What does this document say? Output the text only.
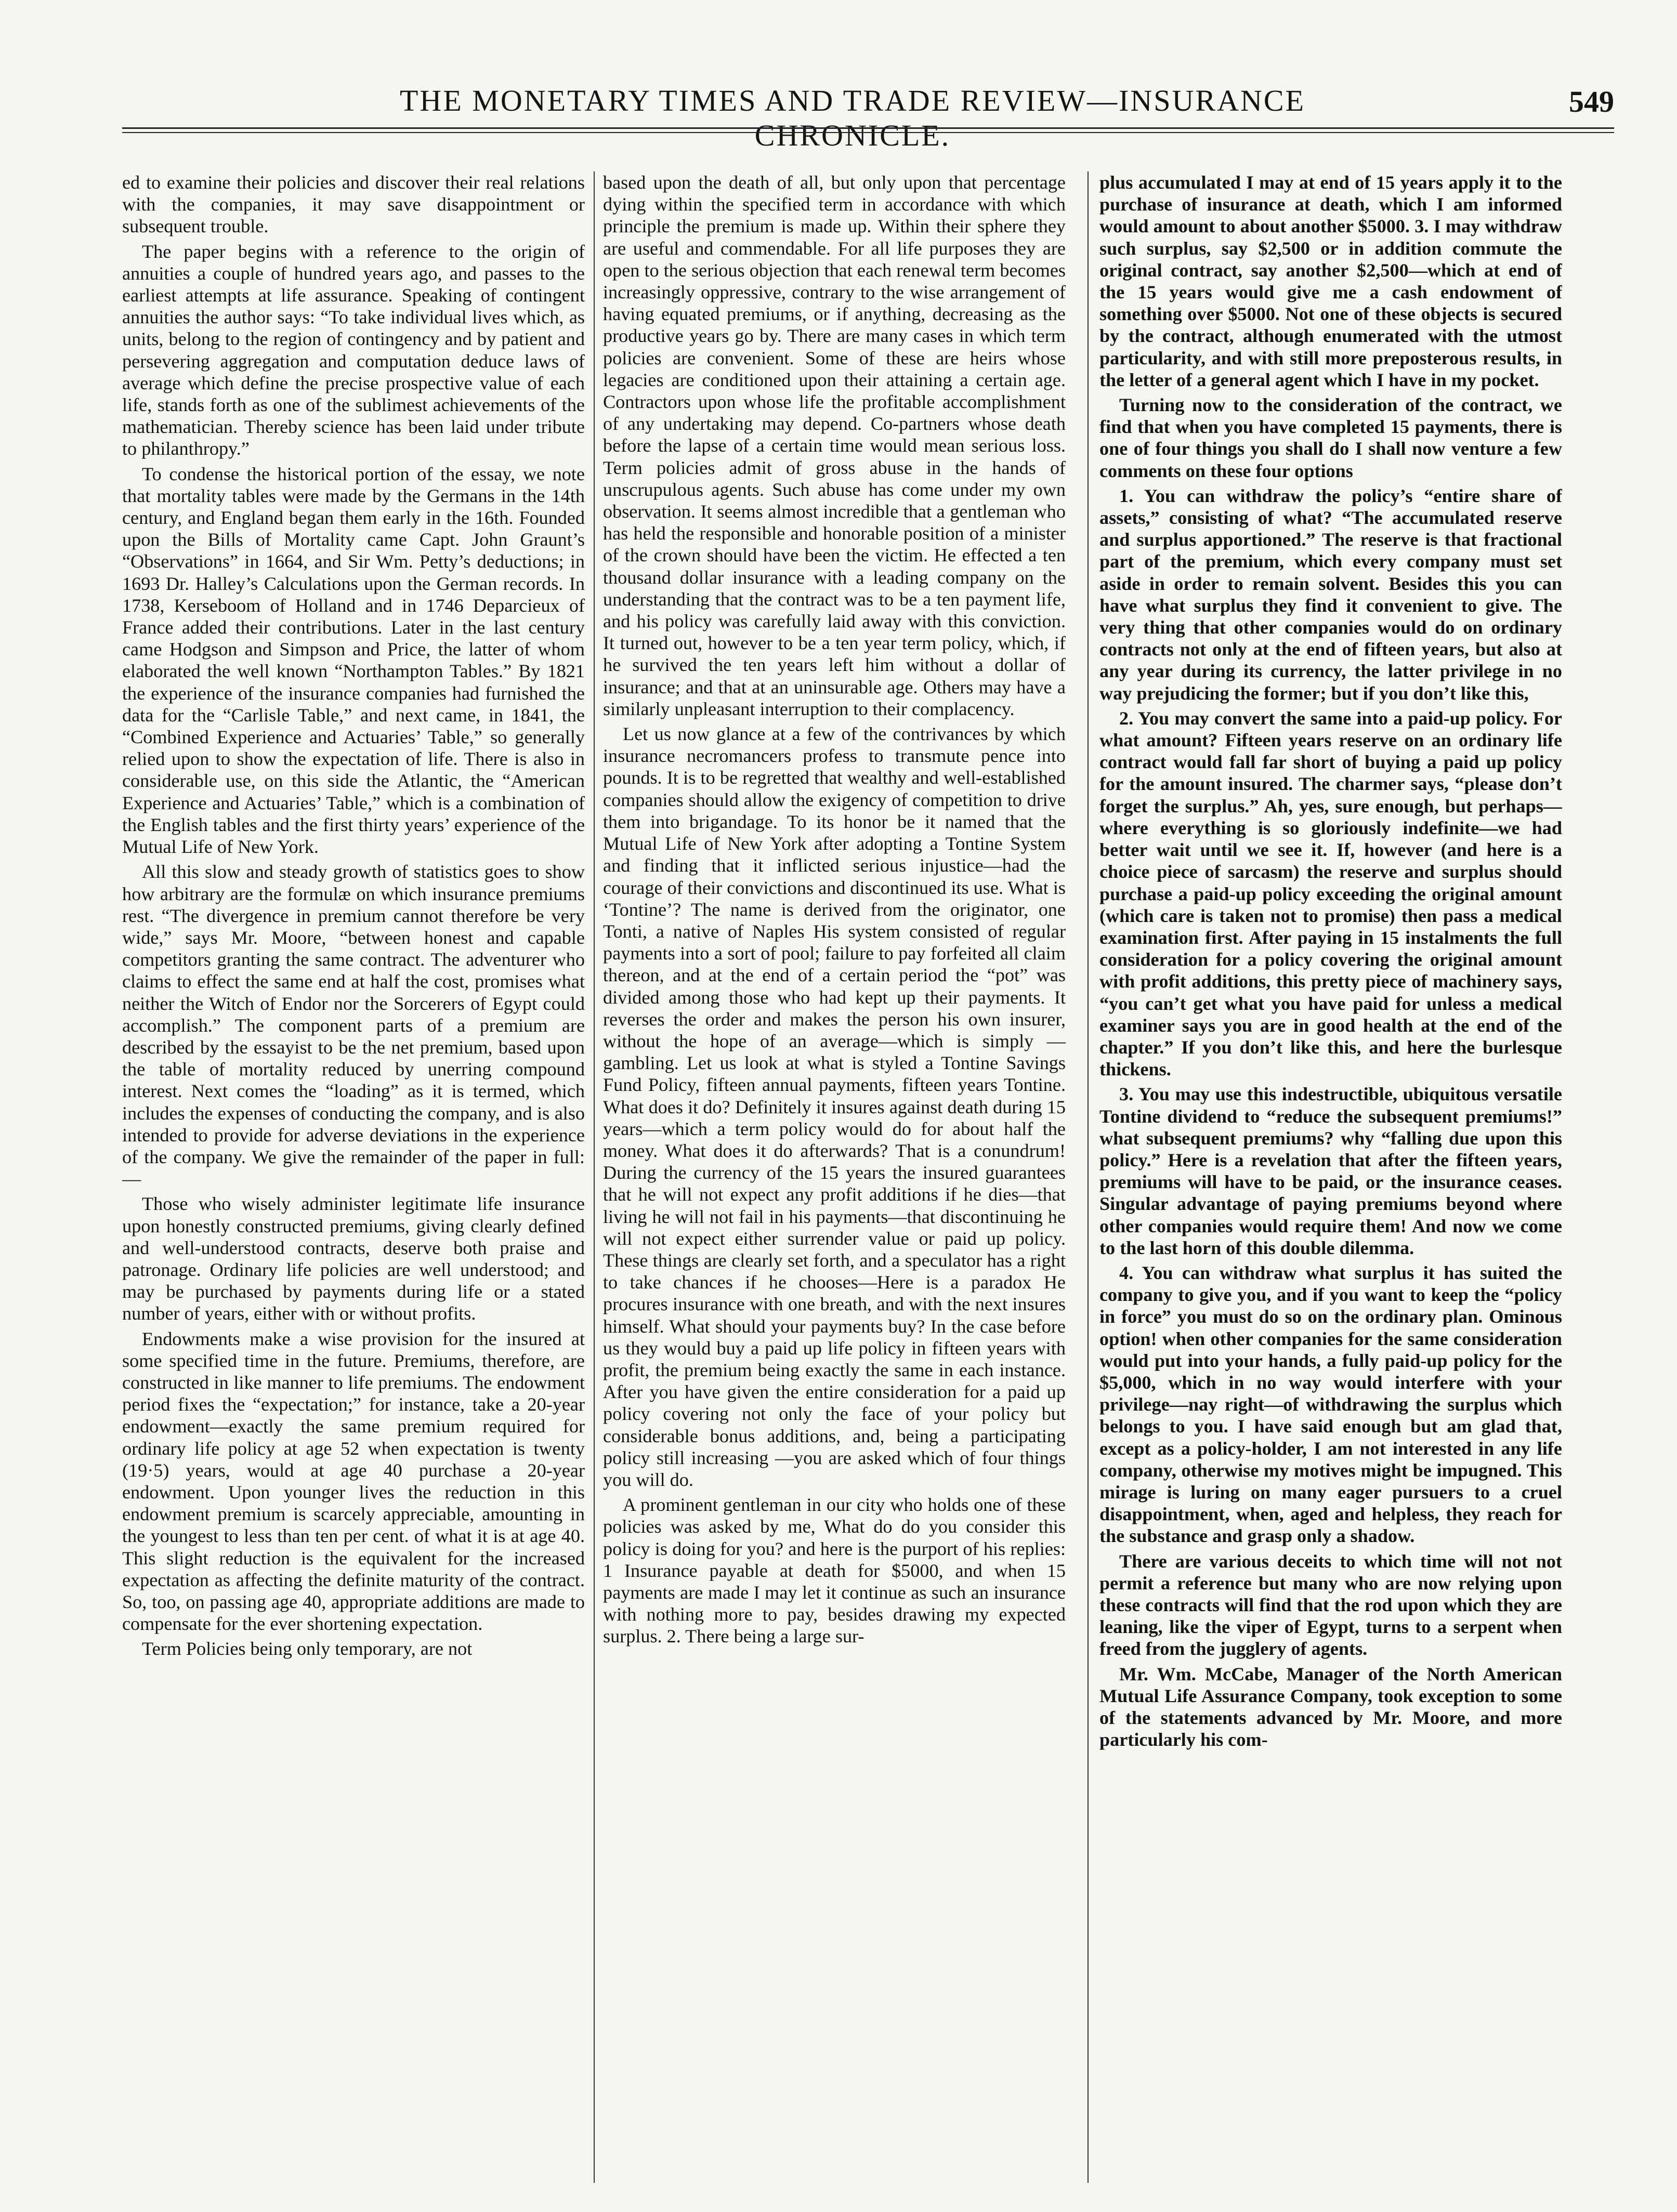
THE MONETARY TIMES AND TRADE REVIEW—INSURANCE CHRONICLE.
549

ed to examine their policies and discover their real relations with the companies, it may save disappointment or subsequent trouble.

The paper begins with a reference to the origin of annuities a couple of hundred years ago, and passes to the earliest attempts at life assurance. Speaking of contingent annuities the author says: “To take individual lives which, as units, belong to the region of contingency and by patient and persevering aggregation and computation deduce laws of average which define the precise prospective value of each life, stands forth as one of the sublimest achievements of the mathematician. Thereby science has been laid under tribute to philanthropy.”

To condense the historical portion of the essay, we note that mortality tables were made by the Germans in the 14th century, and England began them early in the 16th. Founded upon the Bills of Mortality came Capt. John Graunt’s “Observations” in 1664, and Sir Wm. Petty’s deductions; in 1693 Dr. Halley’s Calculations upon the German records. In 1738, Kerseboom of Holland and in 1746 Deparcieux of France added their contributions. Later in the last century came Hodgson and Simpson and Price, the latter of whom elaborated the well known “Northampton Tables.” By 1821 the experience of the insurance companies had furnished the data for the “Carlisle Table,” and next came, in 1841, the “Combined Experience and Actuaries’ Table,” so generally relied upon to show the expectation of life. There is also in considerable use, on this side the Atlantic, the “American Experience and Actuaries’ Table,” which is a combination of the English tables and the first thirty years’ experience of the Mutual Life of New York.

All this slow and steady growth of statistics goes to show how arbitrary are the formulæ on which insurance premiums rest. “The divergence in premium cannot therefore be very wide,” says Mr. Moore, “between honest and capable competitors granting the same contract. The adventurer who claims to effect the same end at half the cost, promises what neither the Witch of Endor nor the Sorcerers of Egypt could accomplish.” The component parts of a premium are described by the essayist to be the net premium, based upon the table of mortality reduced by unerring compound interest. Next comes the “loading” as it is termed, which includes the expenses of conducting the company, and is also intended to provide for adverse deviations in the experience of the company. We give the remainder of the paper in full:—

Those who wisely administer legitimate life insurance upon honestly constructed premiums, giving clearly defined and well-understood contracts, deserve both praise and patronage. Ordinary life policies are well understood; and may be purchased by payments during life or a stated number of years, either with or without profits.

Endowments make a wise provision for the insured at some specified time in the future. Premiums, therefore, are constructed in like manner to life premiums. The endowment period fixes the “expectation;” for instance, take a 20-year endowment—exactly the same premium required for ordinary life policy at age 52 when expectation is twenty (19·5) years, would at age 40 purchase a 20-year endowment. Upon younger lives the reduction in this endowment premium is scarcely appreciable, amounting in the youngest to less than ten per cent. of what it is at age 40. This slight reduction is the equivalent for the increased expectation as affecting the definite maturity of the contract. So, too, on passing age 40, appropriate additions are made to compensate for the ever shortening expectation.

Term Policies being only temporary, are not

based upon the death of all, but only upon that percentage dying within the specified term in accordance with which principle the premium is made up. Within their sphere they are useful and commendable. For all life purposes they are open to the serious objection that each renewal term becomes increasingly oppressive, contrary to the wise arrangement of having equated premiums, or if anything, decreasing as the productive years go by. There are many cases in which term policies are convenient. Some of these are heirs whose legacies are conditioned upon their attaining a certain age. Contractors upon whose life the profitable accomplishment of any undertaking may depend. Co-partners whose death before the lapse of a certain time would mean serious loss. Term policies admit of gross abuse in the hands of unscrupulous agents. Such abuse has come under my own observation. It seems almost incredible that a gentleman who has held the responsible and honorable position of a minister of the crown should have been the victim. He effected a ten thousand dollar insurance with a leading company on the understanding that the contract was to be a ten payment life, and his policy was carefully laid away with this conviction. It turned out, however to be a ten year term policy, which, if he survived the ten years left him without a dollar of insurance; and that at an uninsurable age. Others may have a similarly unpleasant interruption to their complacency.

Let us now glance at a few of the contrivances by which insurance necromancers profess to transmute pence into pounds. It is to be regretted that wealthy and well-established companies should allow the exigency of competition to drive them into brigandage. To its honor be it named that the Mutual Life of New York after adopting a Tontine System and finding that it inflicted serious injustice—had the courage of their convictions and discontinued its use. What is ‘Tontine’? The name is derived from the originator, one Tonti, a native of Naples His system consisted of regular payments into a sort of pool; failure to pay forfeited all claim thereon, and at the end of a certain period the “pot” was divided among those who had kept up their payments. It reverses the order and makes the person his own insurer, without the hope of an average—which is simply —gambling. Let us look at what is styled a Tontine Savings Fund Policy, fifteen annual payments, fifteen years Tontine. What does it do? Definitely it insures against death during 15 years—which a term policy would do for about half the money. What does it do afterwards? That is a conundrum! During the currency of the 15 years the insured guarantees that he will not expect any profit additions if he dies—that living he will not fail in his payments—that discontinuing he will not expect either surrender value or paid up policy. These things are clearly set forth, and a speculator has a right to take chances if he chooses—Here is a paradox He procures insurance with one breath, and with the next insures himself. What should your payments buy? In the case before us they would buy a paid up life policy in fifteen years with profit, the premium being exactly the same in each instance. After you have given the entire consideration for a paid up policy covering not only the face of your policy but considerable bonus additions, and, being a participating policy still increasing —you are asked which of four things you will do.

A prominent gentleman in our city who holds one of these policies was asked by me, What do do you consider this policy is doing for you? and here is the purport of his replies: 1 Insurance payable at death for $5000, and when 15 payments are made I may let it continue as such an insurance with nothing more to pay, besides drawing my expected surplus. 2. There being a large sur-

plus accumulated I may at end of 15 years apply it to the purchase of insurance at death, which I am informed would amount to about another $5000. 3. I may withdraw such surplus, say $2,500 or in addition commute the original contract, say another $2,500—which at end of the 15 years would give me a cash endowment of something over $5000. Not one of these objects is secured by the contract, although enumerated with the utmost particularity, and with still more preposterous results, in the letter of a general agent which I have in my pocket.

Turning now to the consideration of the contract, we find that when you have completed 15 payments, there is one of four things you shall do I shall now venture a few comments on these four options

1. You can withdraw the policy’s “entire share of assets,” consisting of what? “The accumulated reserve and surplus apportioned.” The reserve is that fractional part of the premium, which every company must set aside in order to remain solvent. Besides this you can have what surplus they find it convenient to give. The very thing that other companies would do on ordinary contracts not only at the end of fifteen years, but also at any year during its currency, the latter privilege in no way prejudicing the former; but if you don’t like this,

2. You may convert the same into a paid-up policy. For what amount? Fifteen years reserve on an ordinary life contract would fall far short of buying a paid up policy for the amount insured. The charmer says, “please don’t forget the surplus.” Ah, yes, sure enough, but perhaps—where everything is so gloriously indefinite—we had better wait until we see it. If, however (and here is a choice piece of sarcasm) the reserve and surplus should purchase a paid-up policy exceeding the original amount (which care is taken not to promise) then pass a medical examination first. After paying in 15 instalments the full consideration for a policy covering the original amount with profit additions, this pretty piece of machinery says, “you can’t get what you have paid for unless a medical examiner says you are in good health at the end of the chapter.” If you don’t like this, and here the burlesque thickens.

3. You may use this indestructible, ubiquitous versatile Tontine dividend to “reduce the subsequent premiums!” what subsequent premiums? why “falling due upon this policy.” Here is a revelation that after the fifteen years, premiums will have to be paid, or the insurance ceases. Singular advantage of paying premiums beyond where other companies would require them! And now we come to the last horn of this double dilemma.

4. You can withdraw what surplus it has suited the company to give you, and if you want to keep the “policy in force” you must do so on the ordinary plan. Ominous option! when other companies for the same consideration would put into your hands, a fully paid-up policy for the $5,000, which in no way would interfere with your privilege—nay right—of withdrawing the surplus which belongs to you. I have said enough but am glad that, except as a policy-holder, I am not interested in any life company, otherwise my motives might be impugned. This mirage is luring on many eager pursuers to a cruel disappointment, when, aged and helpless, they reach for the substance and grasp only a shadow.

There are various deceits to which time will not not permit a reference but many who are now relying upon these contracts will find that the rod upon which they are leaning, like the viper of Egypt, turns to a serpent when freed from the jugglery of agents.

Mr. Wm. McCabe, Manager of the North American Mutual Life Assurance Company, took exception to some of the statements advanced by Mr. Moore, and more particularly his com-
